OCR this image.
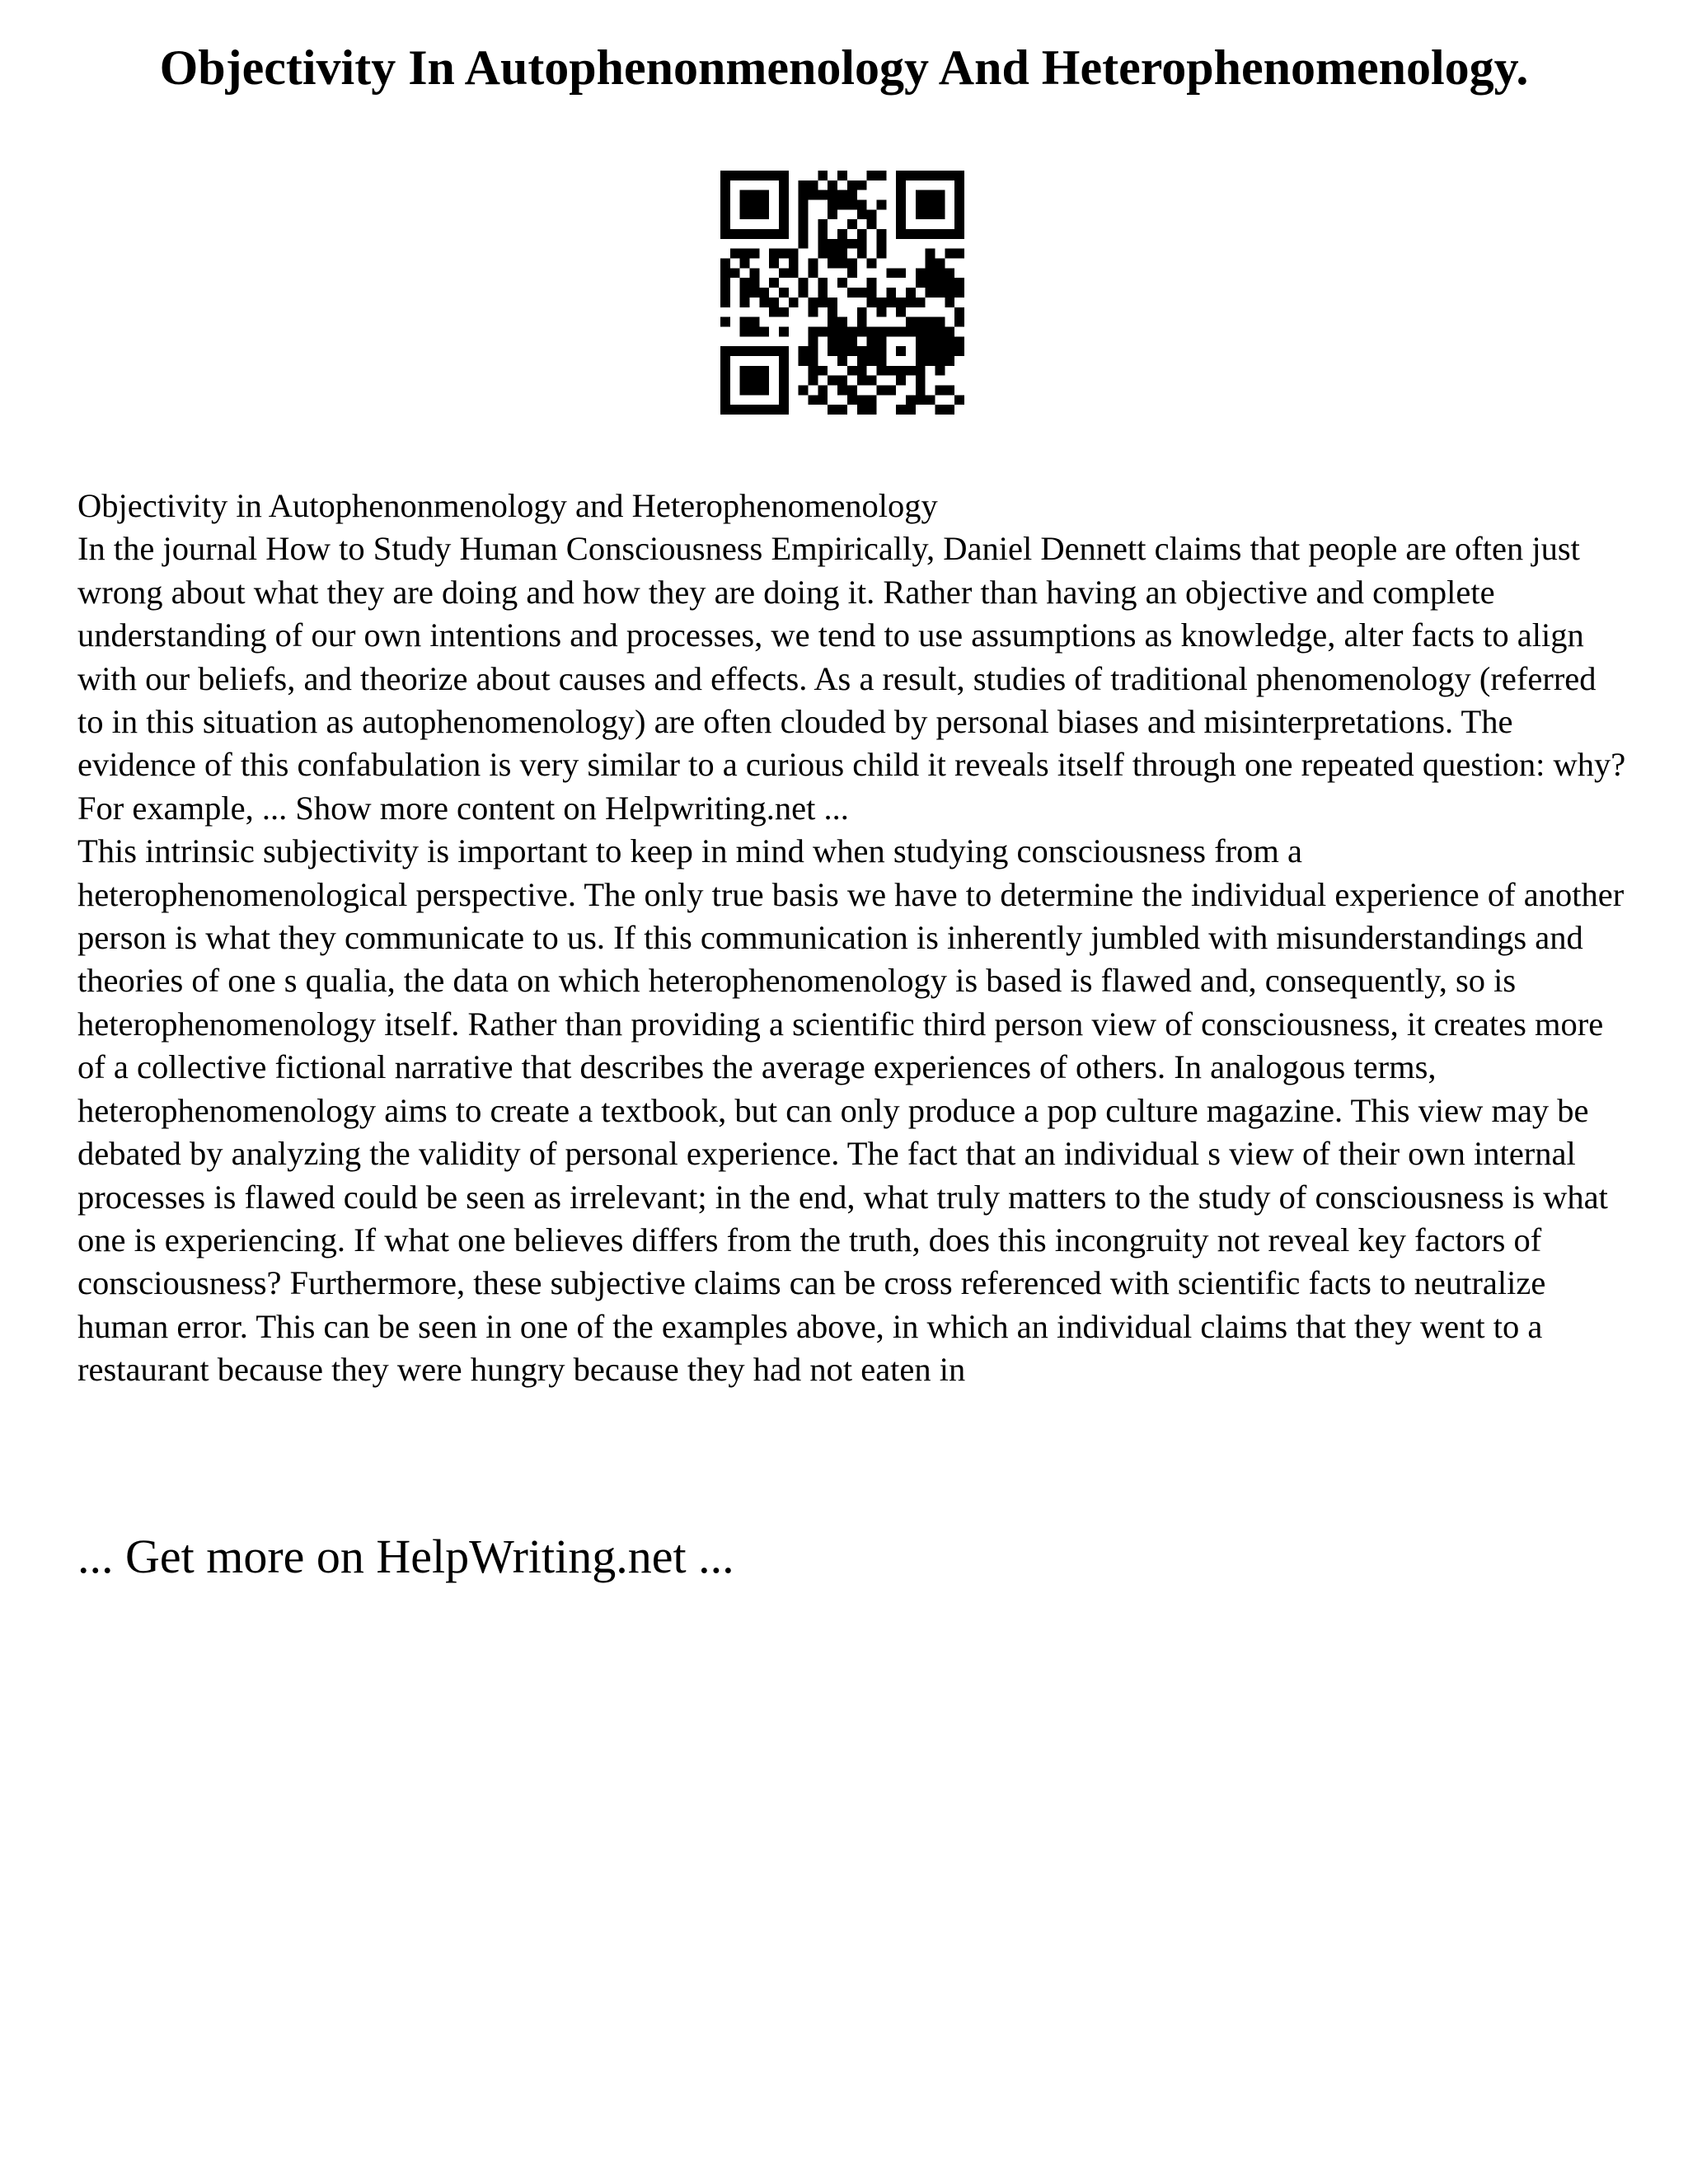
Objectivity In Autophenonmenology And Heterophenomenology.

Objectivity in Autophenonmenology and Heterophenomenology

In the journal How to Study Human Consciousness Empirically, Daniel Dennett claims that people are often just wrong about what they are doing and how they are doing it. Rather than having an objective and complete understanding of our own intentions and processes, we tend to use assumptions as knowledge, alter facts to align with our beliefs, and theorize about causes and effects. As a result, studies of traditional phenomenology (referred to in this situation as autophenomenology) are often clouded by personal biases and misinterpretations. The evidence of this confabulation is very similar to a curious child it reveals itself through one repeated question: why? For example, ... Show more content on Helpwriting.net ...

This intrinsic subjectivity is important to keep in mind when studying consciousness from a heterophenomenological perspective. The only true basis we have to determine the individual experience of another person is what they communicate to us. If this communication is inherently jumbled with misunderstandings and theories of one s qualia, the data on which heterophenomenology is based is flawed and, consequently, so is heterophenomenology itself. Rather than providing a scientific third person view of consciousness, it creates more of a collective fictional narrative that describes the average experiences of others. In analogous terms, heterophenomenology aims to create a textbook, but can only produce a pop culture magazine. This view may be debated by analyzing the validity of personal experience. The fact that an individual s view of their own internal processes is flawed could be seen as irrelevant; in the end, what truly matters to the study of consciousness is what one is experiencing. If what one believes differs from the truth, does this incongruity not reveal key factors of consciousness? Furthermore, these subjective claims can be cross referenced with scientific facts to neutralize human error. This can be seen in one of the examples above, in which an individual claims that they went to a restaurant because they were hungry because they had not eaten in

... Get more on HelpWriting.net ...
